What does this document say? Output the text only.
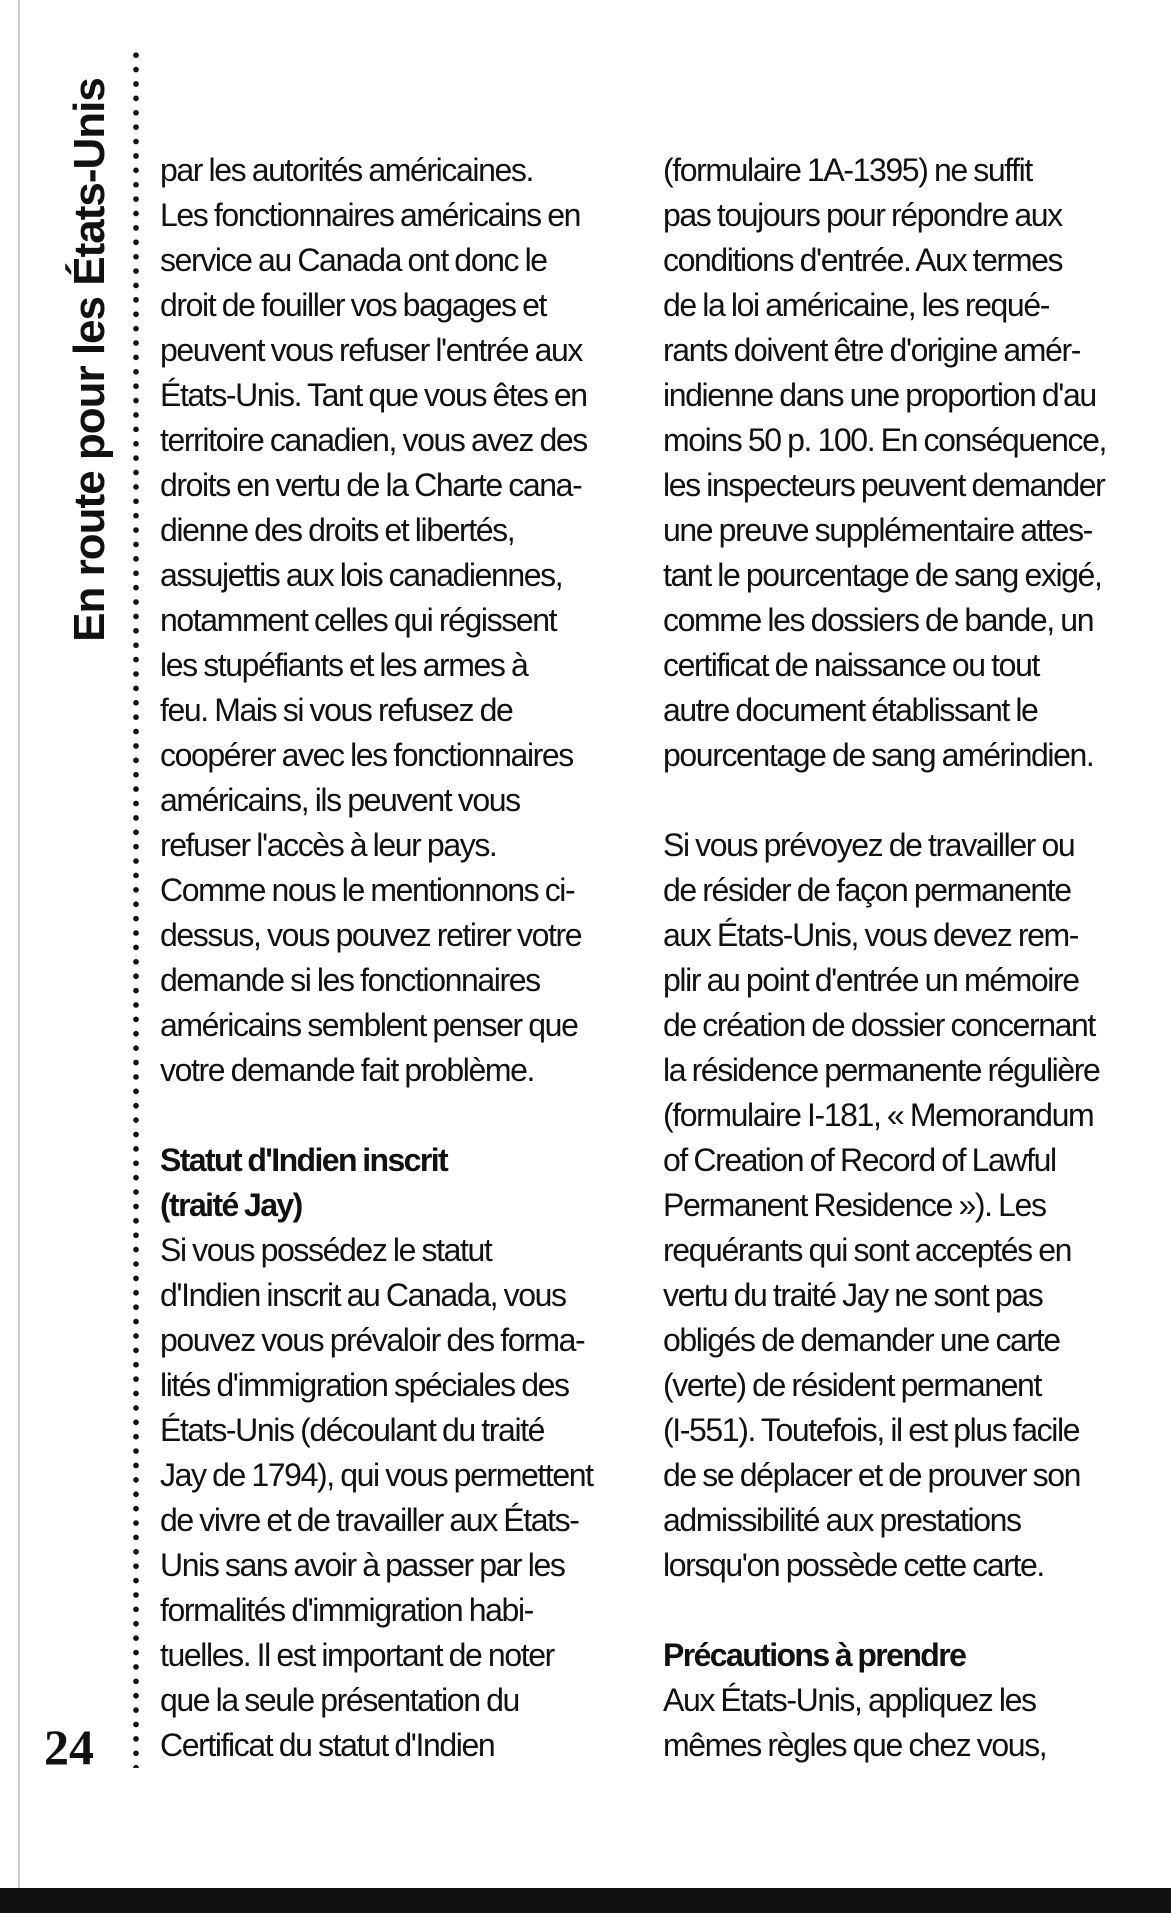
En route pour les États-Unis
24

par les autorités américaines.
Les fonctionnaires américains en
service au Canada ont donc le
droit de fouiller vos bagages et
peuvent vous refuser l'entrée aux
États-Unis. Tant que vous êtes en
territoire canadien, vous avez des
droits en vertu de la Charte cana-
dienne des droits et libertés,
assujettis aux lois canadiennes,
notamment celles qui régissent
les stupéfiants et les armes à
feu. Mais si vous refusez de
coopérer avec les fonctionnaires
américains, ils peuvent vous
refuser l'accès à leur pays.
Comme nous le mentionnons ci-
dessus, vous pouvez retirer votre
demande si les fonctionnaires
américains semblent penser que
votre demande fait problème.

Statut d'Indien inscrit
(traité Jay)

Si vous possédez le statut
d'Indien inscrit au Canada, vous
pouvez vous prévaloir des forma-
lités d'immigration spéciales des
États-Unis (découlant du traité
Jay de 1794), qui vous permettent
de vivre et de travailler aux États-
Unis sans avoir à passer par les
formalités d'immigration habi-
tuelles. Il est important de noter
que la seule présentation du
Certificat du statut d'Indien

(formulaire 1A-1395) ne suffit
pas toujours pour répondre aux
conditions d'entrée. Aux termes
de la loi américaine, les requé-
rants doivent être d'origine amér-
indienne dans une proportion d'au
moins 50 p. 100. En conséquence,
les inspecteurs peuvent demander
une preuve supplémentaire attes-
tant le pourcentage de sang exigé,
comme les dossiers de bande, un
certificat de naissance ou tout
autre document établissant le
pourcentage de sang amérindien.

Si vous prévoyez de travailler ou
de résider de façon permanente
aux États-Unis, vous devez rem-
plir au point d'entrée un mémoire
de création de dossier concernant
la résidence permanente régulière
(formulaire I-181, « Memorandum
of Creation of Record of Lawful
Permanent Residence »). Les
requérants qui sont acceptés en
vertu du traité Jay ne sont pas
obligés de demander une carte
(verte) de résident permanent
(I-551). Toutefois, il est plus facile
de se déplacer et de prouver son
admissibilité aux prestations
lorsqu'on possède cette carte.

Précautions à prendre

Aux États-Unis, appliquez les
mêmes règles que chez vous,
